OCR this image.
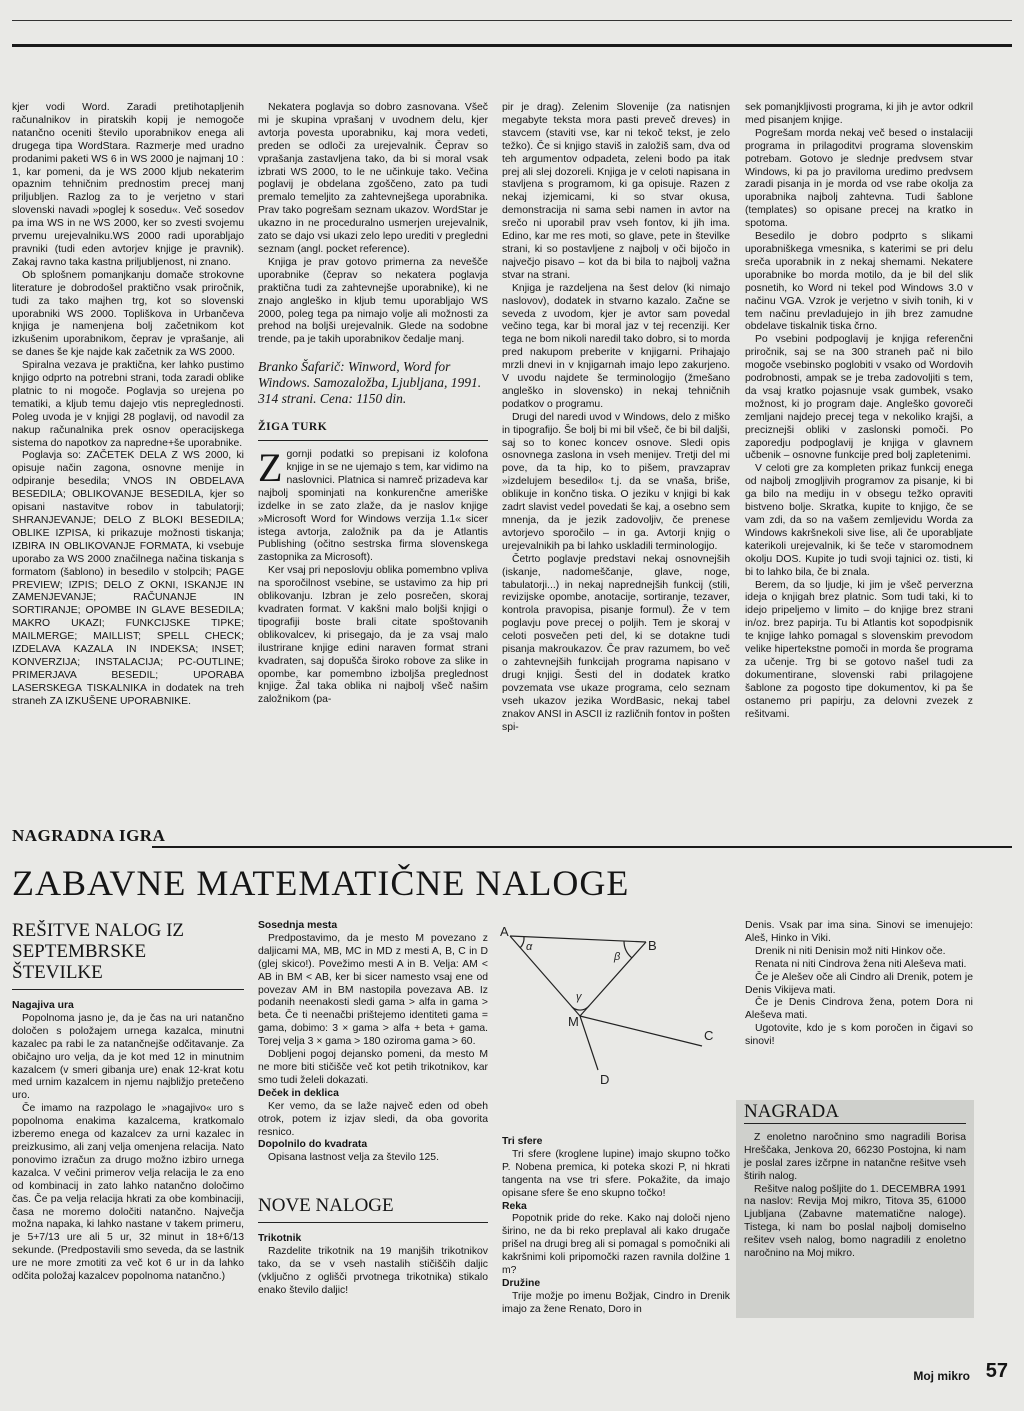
kjer vodi Word. Zaradi pretihotapljenih računalnikov in piratskih kopij je nemogoče natančno oceniti število uporabnikov enega ali drugega tipa WordStara. Razmerje med uradno prodanimi paketi WS 6 in WS 2000 je najmanj 10 : 1, kar pomeni, da je WS 2000 kljub nekaterim opaznim tehničnim prednostim precej manj priljubljen. Razlog za to je verjetno v stari slovenski navadi »poglej k sosedu«. Več sosedov pa ima WS in ne WS 2000, ker so zvesti svojemu prvemu urejevalniku.WS 2000 radi uporabljajo pravniki (tudi eden avtorjev knjige je pravnik). Zakaj ravno taka kastna priljubljenost, ni znano.

Ob splošnem pomanjkanju domače strokovne literature je dobrodošel praktično vsak priročnik, tudi za tako majhen trg, kot so slovenski uporabniki WS 2000. Topliškova in Urbančeva knjiga je namenjena bolj začetnikom kot izkušenim uporabnikom, čeprav je vprašanje, ali se danes še kje najde kak začetnik za WS 2000.

Spiralna vezava je praktična, ker lahko pustimo knjigo odprto na potrebni strani, toda zaradi oblike platnic to ni mogoče. Poglavja so urejena po tematiki, a kljub temu dajejo vtis nepreglednosti. Poleg uvoda je v knjigi 28 poglavij, od navodil za nakup računalnika prek osnov operacijskega sistema do napotkov za napredne+še uporabnike.

Poglavja so: ZAČETEK DELA Z WS 2000, ki opisuje način zagona, osnovne menije in odpiranje besedila; VNOS IN OBDELAVA BESEDILA; OBLIKOVANJE BESEDILA, kjer so opisani nastavitve robov in tabulatorji; SHRANJEVANJE; DELO Z BLOKI BESEDILA; OBLIKE IZPISA, ki prikazuje možnosti tiskanja; IZBIRA IN OBLIKOVANJE FORMATA, ki vsebuje uporabo za WS 2000 značilnega načina tiskanja s formatom (šablono) in besedilo v stolpcih; PAGE PREVIEW; IZPIS; DELO Z OKNI, ISKANJE IN ZAMENJEVANJE; RAČUNANJE IN SORTIRANJE; OPOMBE IN GLAVE BESEDILA; MAKRO UKAZI; FUNKCIJSKE TIPKE; MAILMERGE; MAILLIST; SPELL CHECK; IZDELAVA KAZALA IN INDEKSA; INSET; KONVERZIJA; INSTALACIJA; PC-OUTLINE; PRIMERJAVA BESEDIL; UPORABA LASERSKEGA TISKALNIKA in dodatek na treh straneh ZA IZKUŠENE UPORABNIKE.

Nekatera poglavja so dobro zasnovana. Všeč mi je skupina vprašanj v uvodnem delu, kjer avtorja povesta uporabniku, kaj mora vedeti, preden se odloči za urejevalnik. Čeprav so vprašanja zastavljena tako, da bi si moral vsak izbrati WS 2000, to le ne učinkuje tako. Večina poglavij je obdelana zgoščeno, zato pa tudi premalo temeljito za zahtevnejšega uporabnika. Prav tako pogrešam seznam ukazov. WordStar je ukazno in ne proceduralno usmerjen urejevalnik, zato se dajo vsi ukazi zelo lepo urediti v pregledni seznam (angl. pocket reference).

Knjiga je prav gotovo primerna za nevešče uporabnike (čeprav so nekatera poglavja praktična tudi za zahtevnejše uporabnike), ki ne znajo angleško in kljub temu uporabljajo WS 2000, poleg tega pa nimajo volje ali možnosti za prehod na boljši urejevalnik. Glede na sodobne trende, pa je takih uporabnikov čedalje manj.

Branko Šafarič: Winword, Word for Windows. Samozaložba, Ljubljana, 1991. 314 strani. Cena: 1150 din.
ŽIGA TURK

Zgornji podatki so prepisani iz kolofona knjige in se ne ujemajo s tem, kar vidimo na naslovnici. Platnica si namreč prizadeva kar najbolj spominjati na konkurenčne ameriške izdelke in se zato zlaže, da je naslov knjige »Microsoft Word for Windows verzija 1.1« sicer istega avtorja, založnik pa da je Atlantis Publishing (očitno sestrska firma slovenskega zastopnika za Microsoft).

Ker vsaj pri neposlovju oblika pomembno vpliva na sporočilnost vsebine, se ustavimo za hip pri oblikovanju. Izbran je zelo posrečen, skoraj kvadraten format. V kakšni malo boljši knjigi o tipografiji boste brali citate spoštovanih oblikovalcev, ki prisegajo, da je za vsaj malo ilustrirane knjige edini naraven format strani kvadraten, saj dopušča široko robove za slike in opombe, kar pomembno izboljša preglednost knjige. Žal taka oblika ni najbolj všeč našim založnikom (pa-

pir je drag). Zelenim Slovenije (za natisnjen megabyte teksta mora pasti preveč dreves) in stavcem (staviti vse, kar ni tekoč tekst, je zelo težko). Če si knjigo staviš in založiš sam, dva od teh argumentov odpadeta, zeleni bodo pa itak prej ali slej dozoreli. Knjiga je v celoti napisana in stavljena s programom, ki ga opisuje. Razen z nekaj izjemicami, ki so stvar okusa, demonstracija ni sama sebi namen in avtor na srečo ni uporabil prav vseh fontov, ki jih ima. Edino, kar me res moti, so glave, pete in številke strani, ki so postavljene z najbolj v oči bijočo in največjo pisavo – kot da bi bila to najbolj važna stvar na strani.

Knjiga je razdeljena na šest delov (ki nimajo naslovov), dodatek in stvarno kazalo. Začne se seveda z uvodom, kjer je avtor sam povedal večino tega, kar bi moral jaz v tej recenziji. Ker tega ne bom nikoli naredil tako dobro, si to morda pred nakupom preberite v knjigarni. Prihajajo mrzli dnevi in v knjigarnah imajo lepo zakurjeno. V uvodu najdete še terminologijo (žmešano angleško in slovensko) in nekaj tehničnih podatkov o programu.

Drugi del naredi uvod v Windows, delo z miško in tipografijo. Še bolj bi mi bil všeč, če bi bil daljši, saj so to konec koncev osnove. Sledi opis osnovnega zaslona in vseh menijev. Tretji del mi pove, da ta hip, ko to pišem, pravzaprav »izdelujem besedilo« t.j. da se vnaša, briše, oblikuje in končno tiska. O jeziku v knjigi bi kak zadrt slavist vedel povedati še kaj, a osebno sem mnenja, da je jezik zadovoljiv, če prenese avtorjevo sporočilo – in ga. Avtorji knjig o urejevalnikih pa bi lahko uskladili terminologijo.

Četrto poglavje predstavi nekaj osnovnejših (iskanje, nadomeščanje, glave, noge, tabulatorji...) in nekaj naprednejših funkcij (stili, revizijske opombe, anotacije, sortiranje, tezaver, kontrola pravopisa, pisanje formul). Že v tem poglavju pove precej o poljih. Tem je skoraj v celoti posvečen peti del, ki se dotakne tudi pisanja makroukazov. Če prav razumem, bo več o zahtevnejših funkcijah programa napisano v drugi knjigi. Šesti del in dodatek kratko povzemata vse ukaze programa, celo seznam vseh ukazov jezika WordBasic, nekaj tabel znakov ANSI in ASCII iz različnih fontov in pošten spi-

sek pomanjkljivosti programa, ki jih je avtor odkril med pisanjem knjige.

Pogrešam morda nekaj več besed o instalaciji programa in prilagoditvi programa slovenskim potrebam. Gotovo je slednje predvsem stvar Windows, ki pa jo praviloma uredimo predvsem zaradi pisanja in je morda od vse rabe okolja za uporabnika najbolj zahtevna. Tudi šablone (templates) so opisane precej na kratko in spotoma.

Besedilo je dobro podprto s slikami uporabniškega vmesnika, s katerimi se pri delu sreča uporabnik in z nekaj shemami. Nekatere uporabnike bo morda motilo, da je bil del slik posnetih, ko Word ni tekel pod Windows 3.0 v načinu VGA. Vzrok je verjetno v sivih tonih, ki v tem načinu prevladujejo in jih brez zamudne obdelave tiskalnik tiska črno.

Po vsebini podpoglavij je knjiga referenčni priročnik, saj se na 300 straneh pač ni bilo mogoče vsebinsko poglobiti v vsako od Wordovih podrobnosti, ampak se je treba zadovoljiti s tem, da vsaj kratko pojasnuje vsak gumbek, vsako možnost, ki jo program daje. Angleško govoreči zemljani najdejo precej tega v nekoliko krajši, a preciznejši obliki v zaslonski pomoči. Po zaporedju podpoglavij je knjiga v glavnem učbenik – osnovne funkcije pred bolj zapletenimi.

V celoti gre za kompleten prikaz funkcij enega od najbolj zmogljivih programov za pisanje, ki bi ga bilo na mediju in v obsegu težko opraviti bistveno bolje. Skratka, kupite to knjigo, če se vam zdi, da so na vašem zemljevidu Worda za Windows kakršnekoli sive lise, ali če uporabljate katerikoli urejevalnik, ki še teče v staromodnem okolju DOS. Kupite jo tudi svoji tajnici oz. tisti, ki bi to lahko bila, če bi znala.

Berem, da so ljudje, ki jim je všeč perverzna ideja o knjigah brez platnic. Som tudi taki, ki to idejo pripeljemo v limito – do knjige brez strani in/oz. brez papirja. Tu bi Atlantis kot sopodpisnik te knjige lahko pomagal s slovenskim prevodom velike hipertekstne pomoči in morda še programa za učenje. Trg bi se gotovo našel tudi za dokumentirane, slovenski rabi prilagojene šablone za pogosto tipe dokumentov, ki pa še ostanemo pri papirju, za delovni zvezek z rešitvami.

NAGRADNA IGRA
ZABAVNE MATEMATIČNE NALOGE
REŠITVE NALOG IZ
SEPTEMBRSKE
ŠTEVILKE

Nagajiva ura

Popolnoma jasno je, da je čas na uri natančno določen s položajem urnega kazalca, minutni kazalec pa rabi le za natančnejše odčitavanje. Za običajno uro velja, da je kot med 12 in minutnim kazalcem (v smeri gibanja ure) enak 12-krat kotu med urnim kazalcem in njemu najbližjo pretečeno uro.

Če imamo na razpolago le »nagajivo« uro s popolnoma enakima kazalcema, kratkomalo izberemo enega od kazalcev za urni kazalec in preizkusimo, ali zanj velja omenjena relacija. Nato ponovimo izračun za drugo možno izbiro urnega kazalca. V večini primerov velja relacija le za eno od kombinacij in zato lahko natančno določimo čas. Če pa velja relacija hkrati za obe kombinaciji, časa ne moremo določiti natančno. Največja možna napaka, ki lahko nastane v takem primeru, je 5+7/13 ure ali 5 ur, 32 minut in 18+6/13 sekunde. (Predpostavili smo seveda, da se lastnik ure ne more zmotiti za več kot 6 ur in da lahko odčita položaj kazalcev popolnoma natančno.)

Sosednja mesta

Predpostavimo, da je mesto M povezano z daljicami MA, MB, MC in MD z mesti A, B, C in D (glej skico!). Povežimo mesti A in B. Velja: AM < AB in BM < AB, ker bi sicer namesto vsaj ene od povezav AM in BM nastopila povezava AB. Iz podanih neenakosti sledi gama > alfa in gama > beta. Če ti neenačbi prištejemo identiteti gama = gama, dobimo: 3 × gama > alfa + beta + gama. Torej velja 3 × gama > 180 oziroma gama > 60.

Dobljeni pogoj dejansko pomeni, da mesto M ne more biti stičišče več kot petih trikotnikov, kar smo tudi želeli dokazati.

Deček in deklica

Ker vemo, da se laže največ eden od obeh otrok, potem iz izjav sledi, da oba govorita resnico.

Dopolnilo do kvadrata

Opisana lastnost velja za število 125.

NOVE NALOGE

Trikotnik

Razdelite trikotnik na 19 manjših trikotnikov tako, da se v vseh nastalih stičiščih daljic (vključno z oglišči prvotnega trikotnika) stikalo enako število daljic!

A
B
C
D
M
α
β
γ

Tri sfere

Tri sfere (kroglene lupine) imajo skupno točko P. Nobena premica, ki poteka skozi P, ni hkrati tangenta na vse tri sfere. Pokažite, da imajo opisane sfere še eno skupno točko!

Reka

Popotnik pride do reke. Kako naj določi njeno širino, ne da bi reko preplaval ali kako drugače prišel na drugi breg ali si pomagal s pomočniki ali kakršnimi koli pripomočki razen ravnila dolžine 1 m?

Družine

Trije možje po imenu Božjak, Cindro in Drenik imajo za žene Renato, Doro in

Denis. Vsak par ima sina. Sinovi se imenujejo: Aleš, Hinko in Viki.

Drenik ni niti Denisin mož niti Hinkov oče.

Renata ni niti Cindrova žena niti Aleševa mati.

Če je Alešev oče ali Cindro ali Drenik, potem je Denis Vikijeva mati.

Če je Denis Cindrova žena, potem Dora ni Aleševa mati.

Ugotovite, kdo je s kom poročen in čigavi so sinovi!

NAGRADA

Z enoletno naročnino smo nagradili Borisa Hreščaka, Jenkova 20, 66230 Postojna, ki nam je poslal zares izčrpne in natančne rešitve vseh štirih nalog.

Rešitve nalog pošljite do 1. DECEMBRA 1991 na naslov: Revija Moj mikro, Titova 35, 61000 Ljubljana (Zabavne matematične naloge). Tistega, ki nam bo poslal najbolj domiselno rešitev vseh nalog, bomo nagradili z enoletno naročnino na Moj mikro.

Moj mikro 57
